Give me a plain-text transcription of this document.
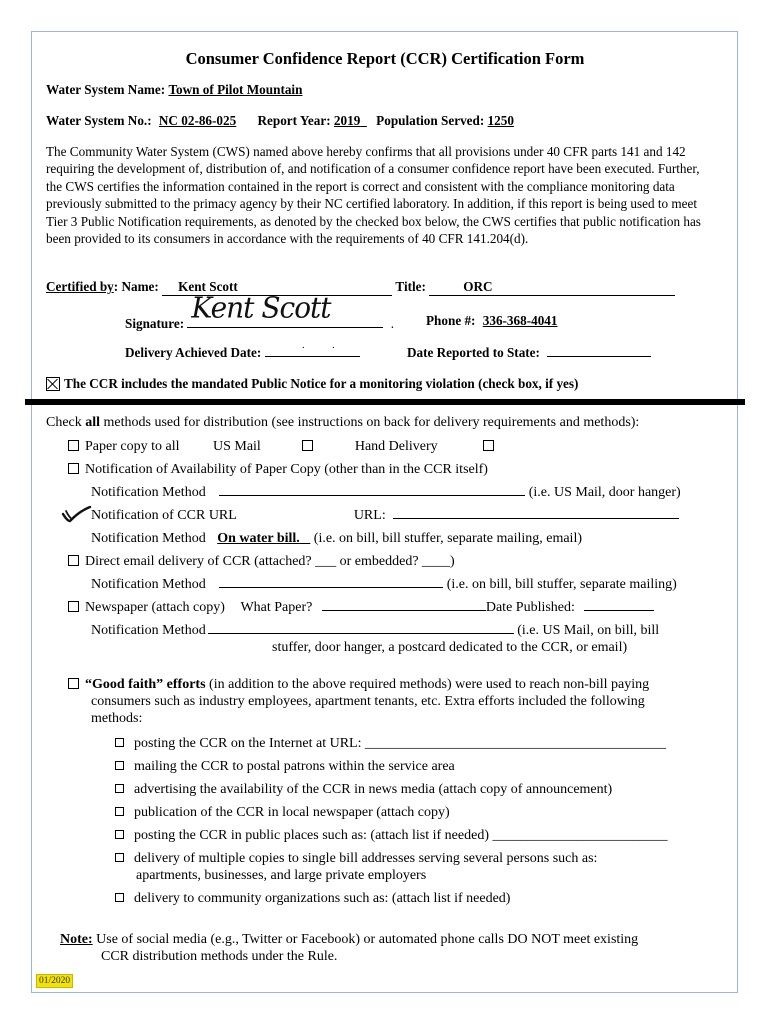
Consumer Confidence Report (CCR) Certification Form
Water System Name: Town of Pilot Mountain
Water System No.: NC 02-86-025 Report Year: 2019 Population Served: 1250
The Community Water System (CWS) named above hereby confirms that all provisions under 40 CFR parts 141 and 142 requiring the development of, distribution of, and notification of a consumer confidence report have been executed. Further, the CWS certifies the information contained in the report is correct and consistent with the compliance monitoring data previously submitted to the primacy agency by their NC certified laboratory. In addition, if this report is being used to meet Tier 3 Public Notification requirements, as denoted by the checked box below, the CWS certifies that public notification has been provided to its consumers in accordance with the requirements of 40 CFR 141.204(d).
Certified by: Name: Kent Scott	Title:	ORC
Signature: Kent Scott	. Phone #: 336-368-4041
Delivery Achieved Date:	· ·	Date Reported to State:
The CCR includes the mandated Public Notice for a monitoring violation (check box, if yes)
Check all methods used for distribution (see instructions on back for delivery requirements and methods):
Paper copy to all US Mail	Hand Delivery
Notification of Availability of Paper Copy (other than in the CCR itself)
Notification Method	(i.e. US Mail, door hanger)
Notification of CCR URL	URL:
Notification Method On water bill. (i.e. on bill, bill stuffer, separate mailing, email)
Direct email delivery of CCR (attached? ___ or embedded? ____)
Notification Method	(i.e. on bill, bill stuffer, separate mailing)
Newspaper (attach copy) What Paper?	Date Published:
Notification Method	(i.e. US Mail, on bill, bill
stuffer, door hanger, a postcard dedicated to the CCR, or email)
“Good faith” efforts (in addition to the above required methods) were used to reach non-bill paying
consumers such as industry employees, apartment tenants, etc. Extra efforts included the following
methods:
posting the CCR on the Internet at URL: ___________________________________________
mailing the CCR to postal patrons within the service area
advertising the availability of the CCR in news media (attach copy of announcement)
publication of the CCR in local newspaper (attach copy)
posting the CCR in public places such as: (attach list if needed) _________________________
delivery of multiple copies to single bill addresses serving several persons such as:
apartments, businesses, and large private employers
delivery to community organizations such as: (attach list if needed)
Note: Use of social media (e.g., Twitter or Facebook) or automated phone calls DO NOT meet existing
CCR distribution methods under the Rule.
01/2020
